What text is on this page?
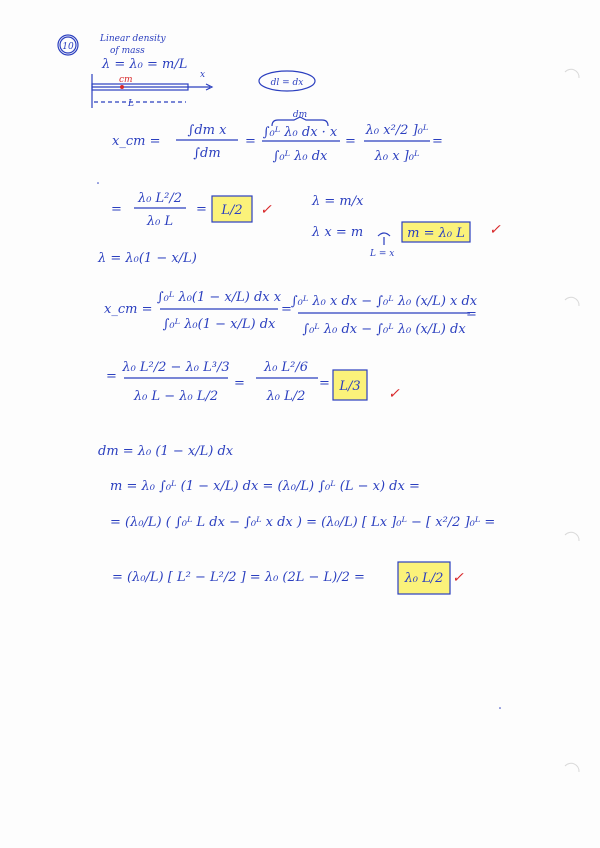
10
Linear density
of mass
λ = λ₀ = m/L
cm	x
L
dl = dx
x_cm =
∫dm x
∫dm
=
dm
∫₀ᴸ λ₀ dx · x
∫₀ᴸ λ₀ dx
=
λ₀ x²/2 ]₀ᴸ
λ₀ x ]₀ᴸ
=
=
λ₀ L²/2
λ₀ L
= L/2 ✓
λ = m/x
λ x = m
L = x
m = λ₀ L ✓
λ = λ₀(1 − x/L)
x_cm =
∫₀ᴸ λ₀(1 − x/L) dx x
∫₀ᴸ λ₀(1 − x/L) dx
=
∫₀ᴸ λ₀ x dx − ∫₀ᴸ λ₀ (x/L) x dx
∫₀ᴸ λ₀ dx − ∫₀ᴸ λ₀ (x/L) dx
=
=
λ₀ L²/2 − λ₀ L³/3
λ₀ L − λ₀ L/2
=
λ₀ L²/6
λ₀ L/2
= L/3 ✓
dm = λ₀ (1 − x/L) dx
m = λ₀ ∫₀ᴸ (1 − x/L) dx = (λ₀/L) ∫₀ᴸ (L − x) dx =
= (λ₀/L) ( ∫₀ᴸ L dx − ∫₀ᴸ x dx ) = (λ₀/L) [ Lx ]₀ᴸ − [ x²/2 ]₀ᴸ =
= (λ₀/L) [ L² − L²/2 ] = λ₀ (2L − L)/2 =	λ₀ L/2 ✓
